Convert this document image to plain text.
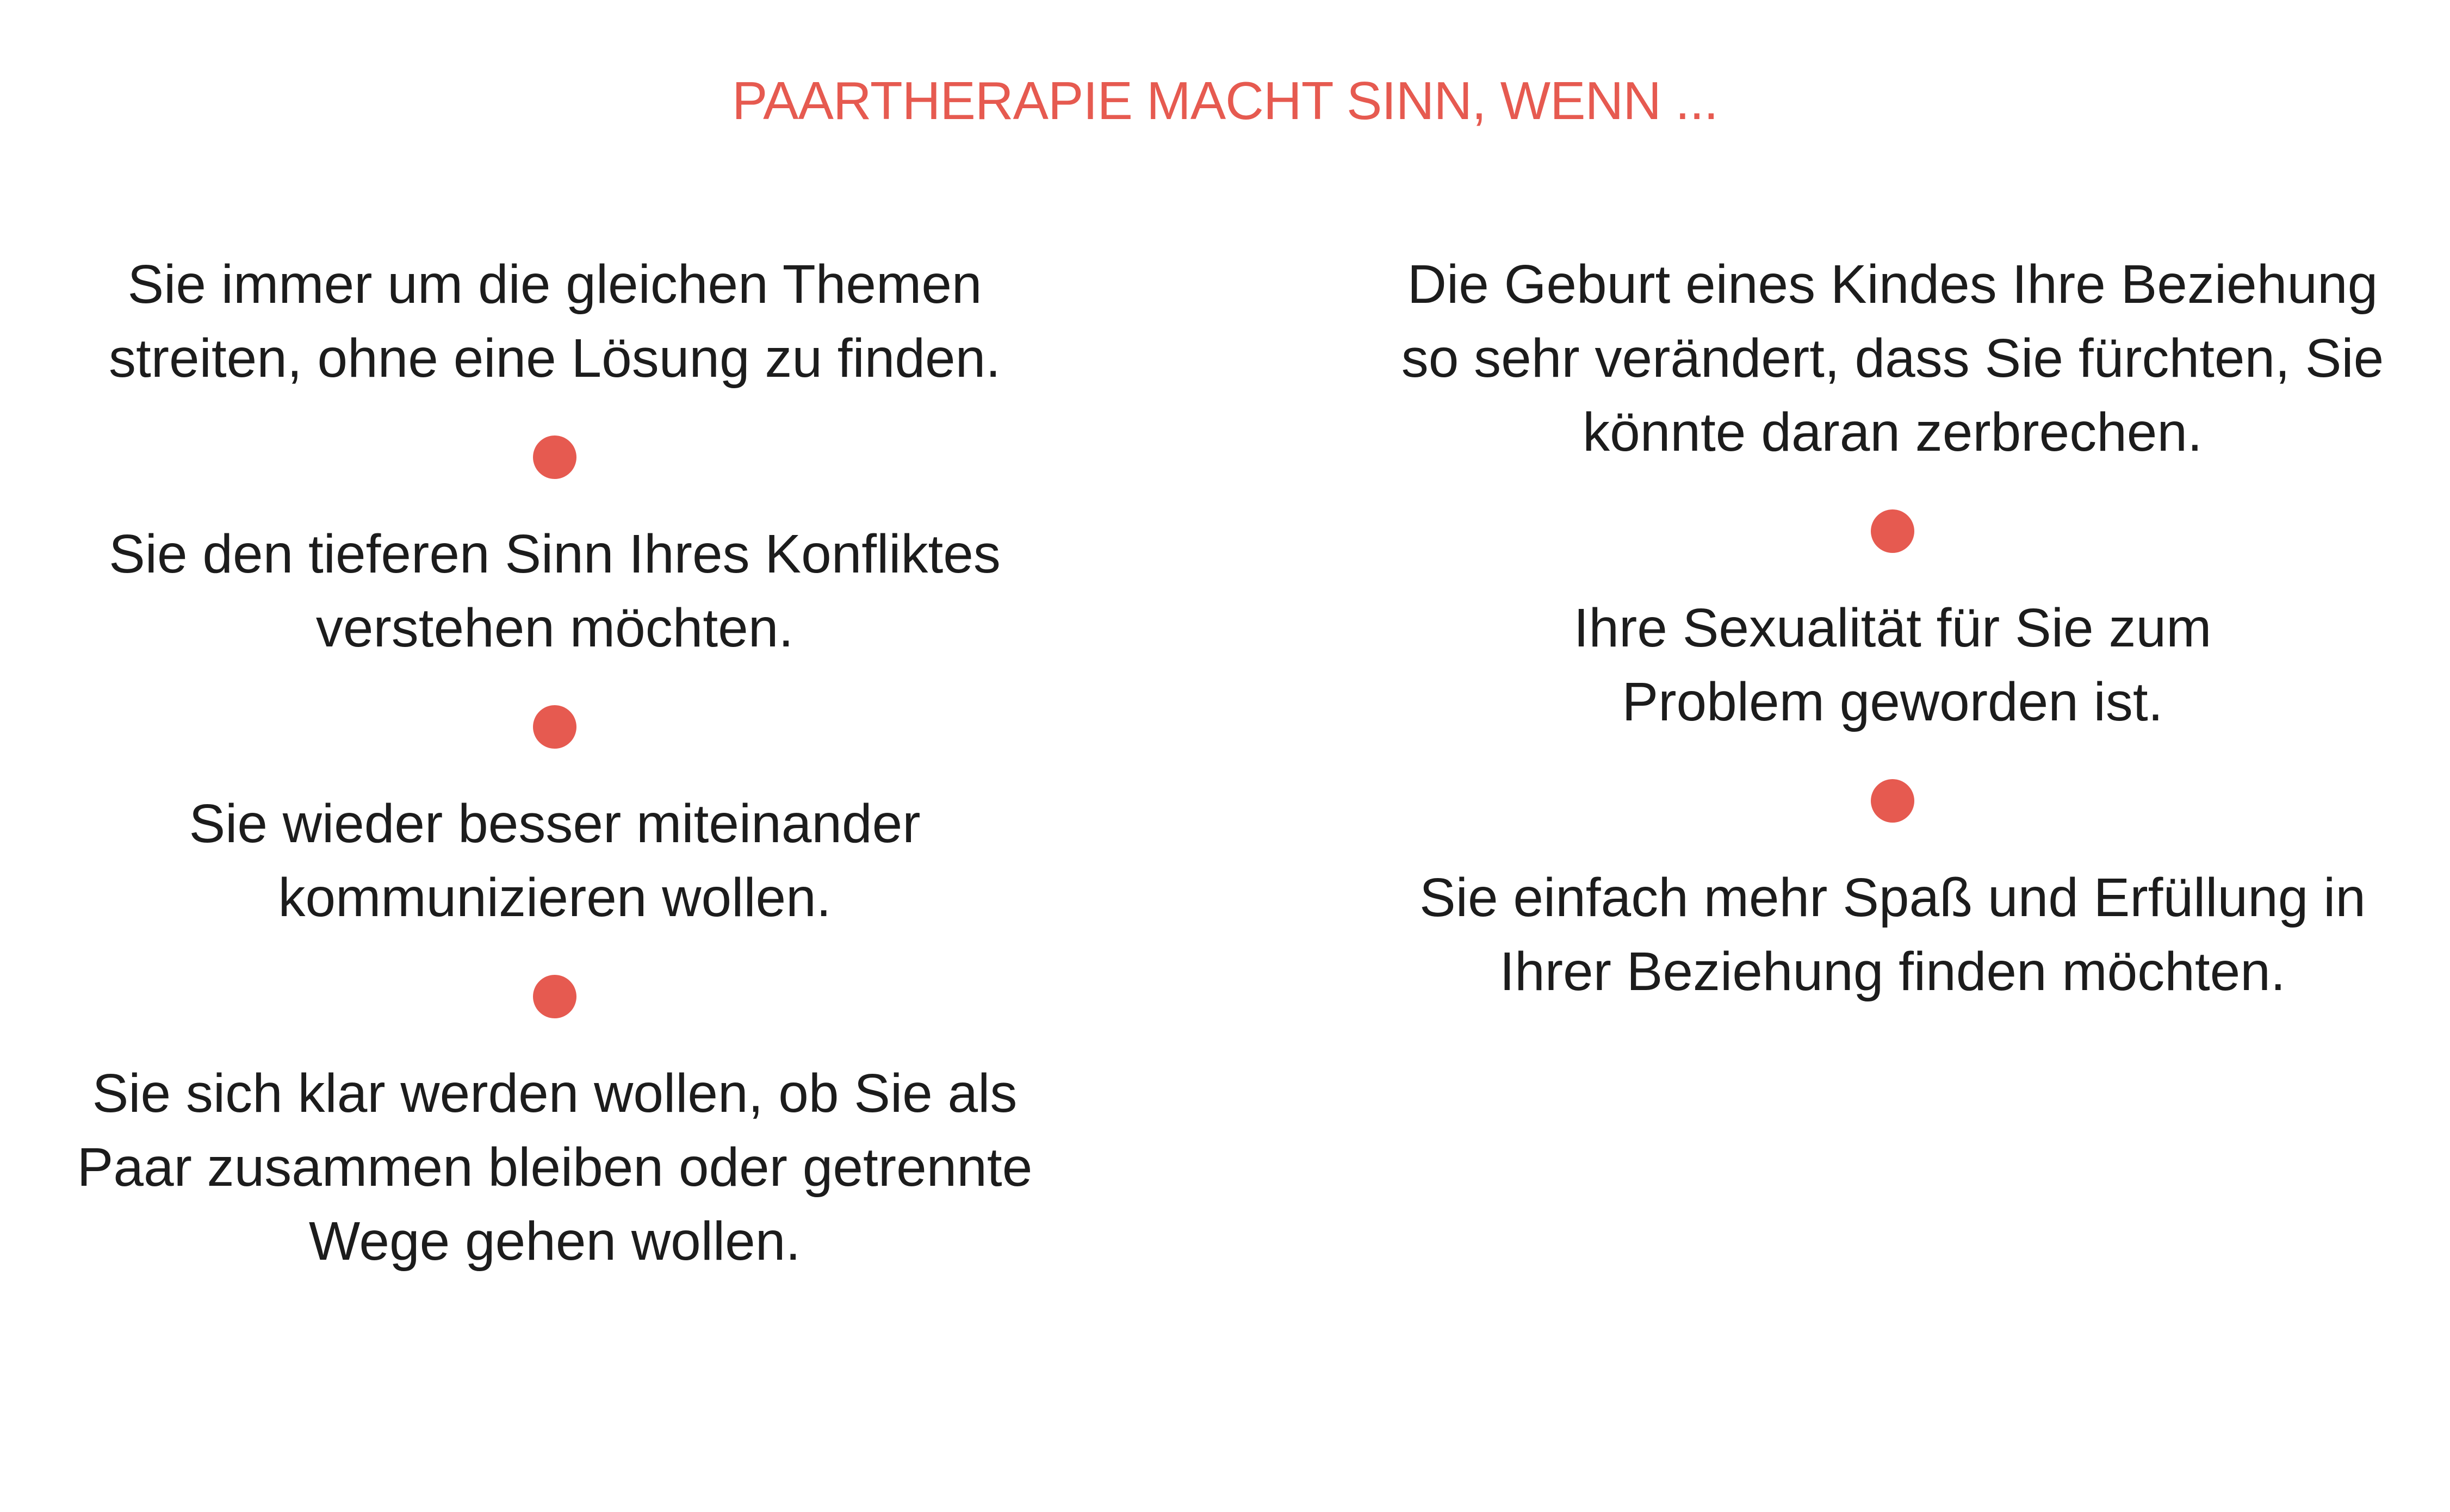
PAARTHERAPIE MACHT SINN, WENN ...
Sie immer um die gleichen Themen
streiten, ohne eine Lösung zu finden.
Sie den tieferen Sinn Ihres Konfliktes
verstehen möchten.
Sie wieder besser miteinander
kommunizieren wollen.
Sie sich klar werden wollen, ob Sie als
Paar zusammen bleiben oder getrennte
Wege gehen wollen.
Die Geburt eines Kindes Ihre Beziehung
so sehr verändert, dass Sie fürchten, Sie
könnte daran zerbrechen.
Ihre Sexualität für Sie zum
Problem geworden ist.
Sie einfach mehr Spaß und Erfüllung in
Ihrer Beziehung finden möchten.
